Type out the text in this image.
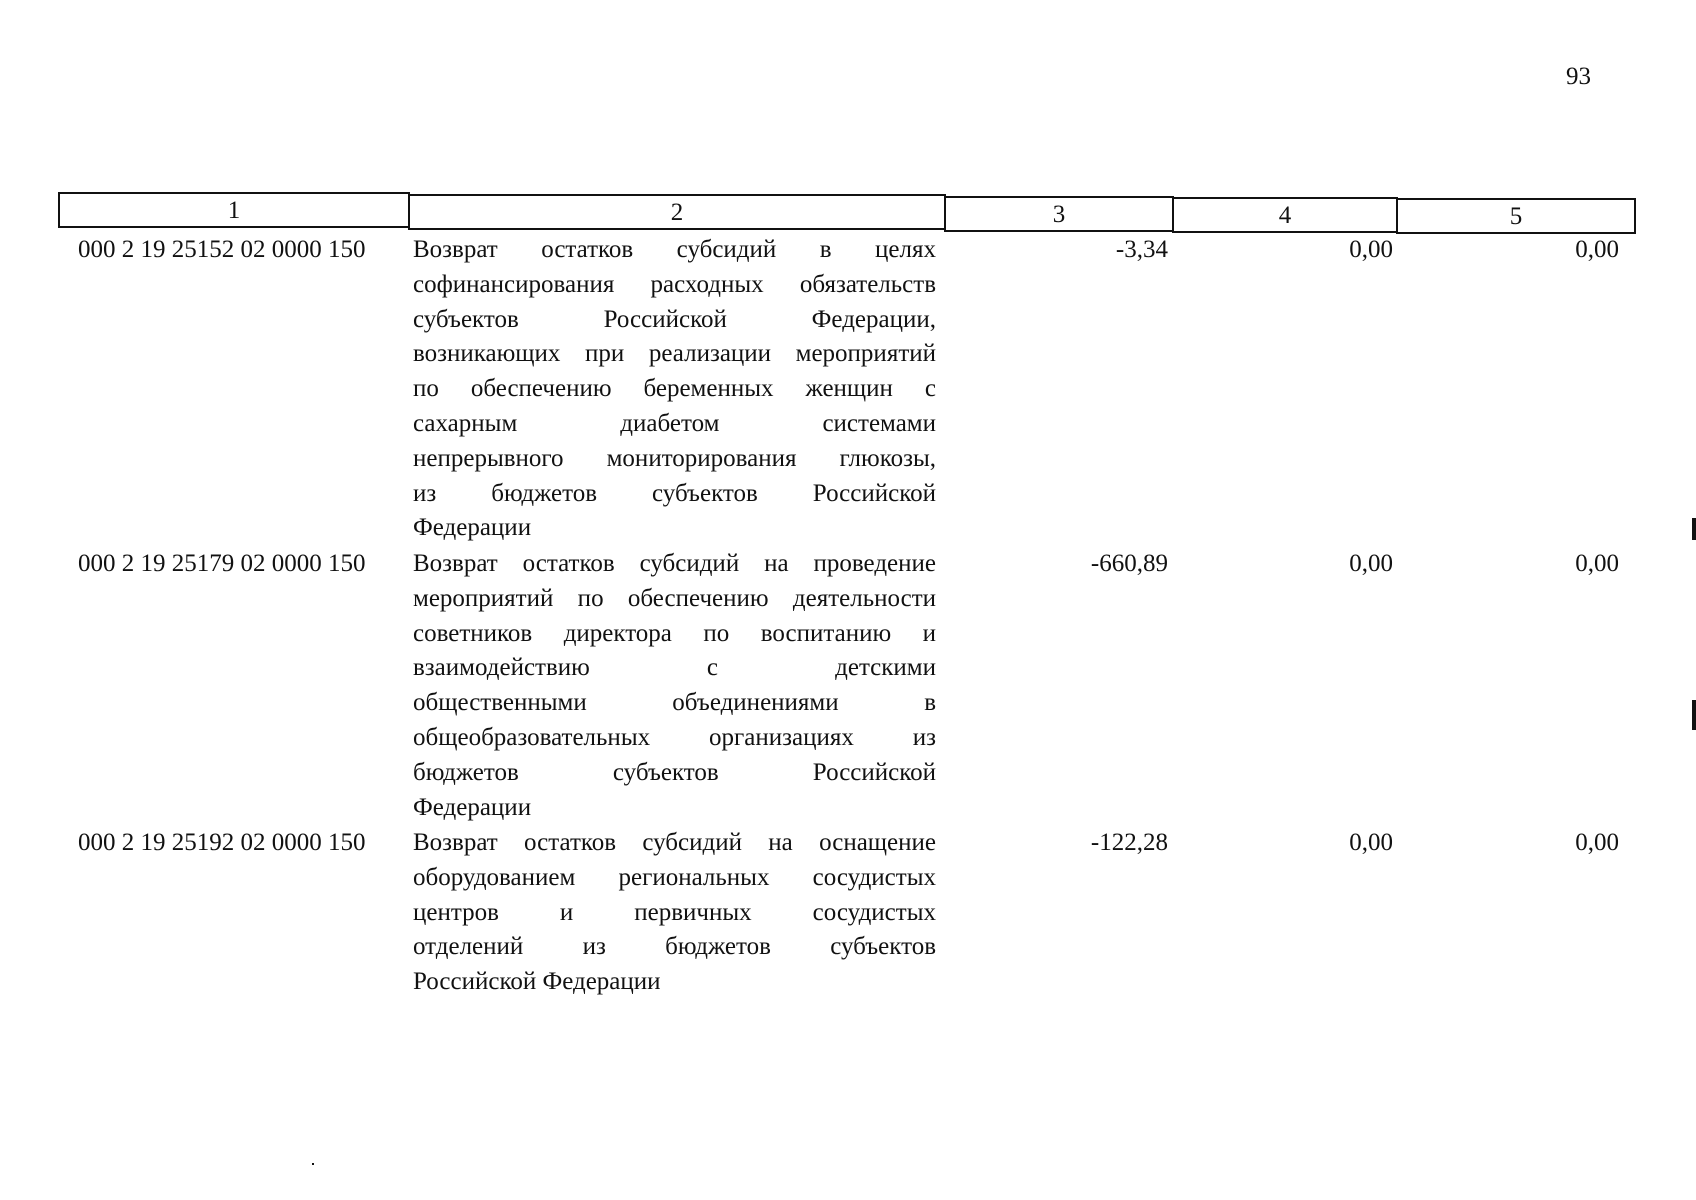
93
1	2	3	4	5
000 2 19 25152 02 0000 150 Возврат остатков субсидий в целях
софинансирования расходных обязательств
субъектов Российской Федерации,
возникающих при реализации мероприятий
по обеспечению беременных женщин с
сахарным диабетом системами
непрерывного мониторирования глюкозы,
из бюджетов субъектов Российской
Федерации
-3,34	0,00	0,00
000 2 19 25179 02 0000 150 Возврат остатков субсидий на проведение
мероприятий по обеспечению деятельности
советников директора по воспитанию и
взаимодействию с детскими
общественными объединениями в
общеобразовательных организациях из
бюджетов субъектов Российской
Федерации
-660,89	0,00	0,00
000 2 19 25192 02 0000 150 Возврат остатков субсидий на оснащение
оборудованием региональных сосудистых
центров и первичных сосудистых
отделений из бюджетов субъектов
Российской Федерации
-122,28	0,00	0,00
